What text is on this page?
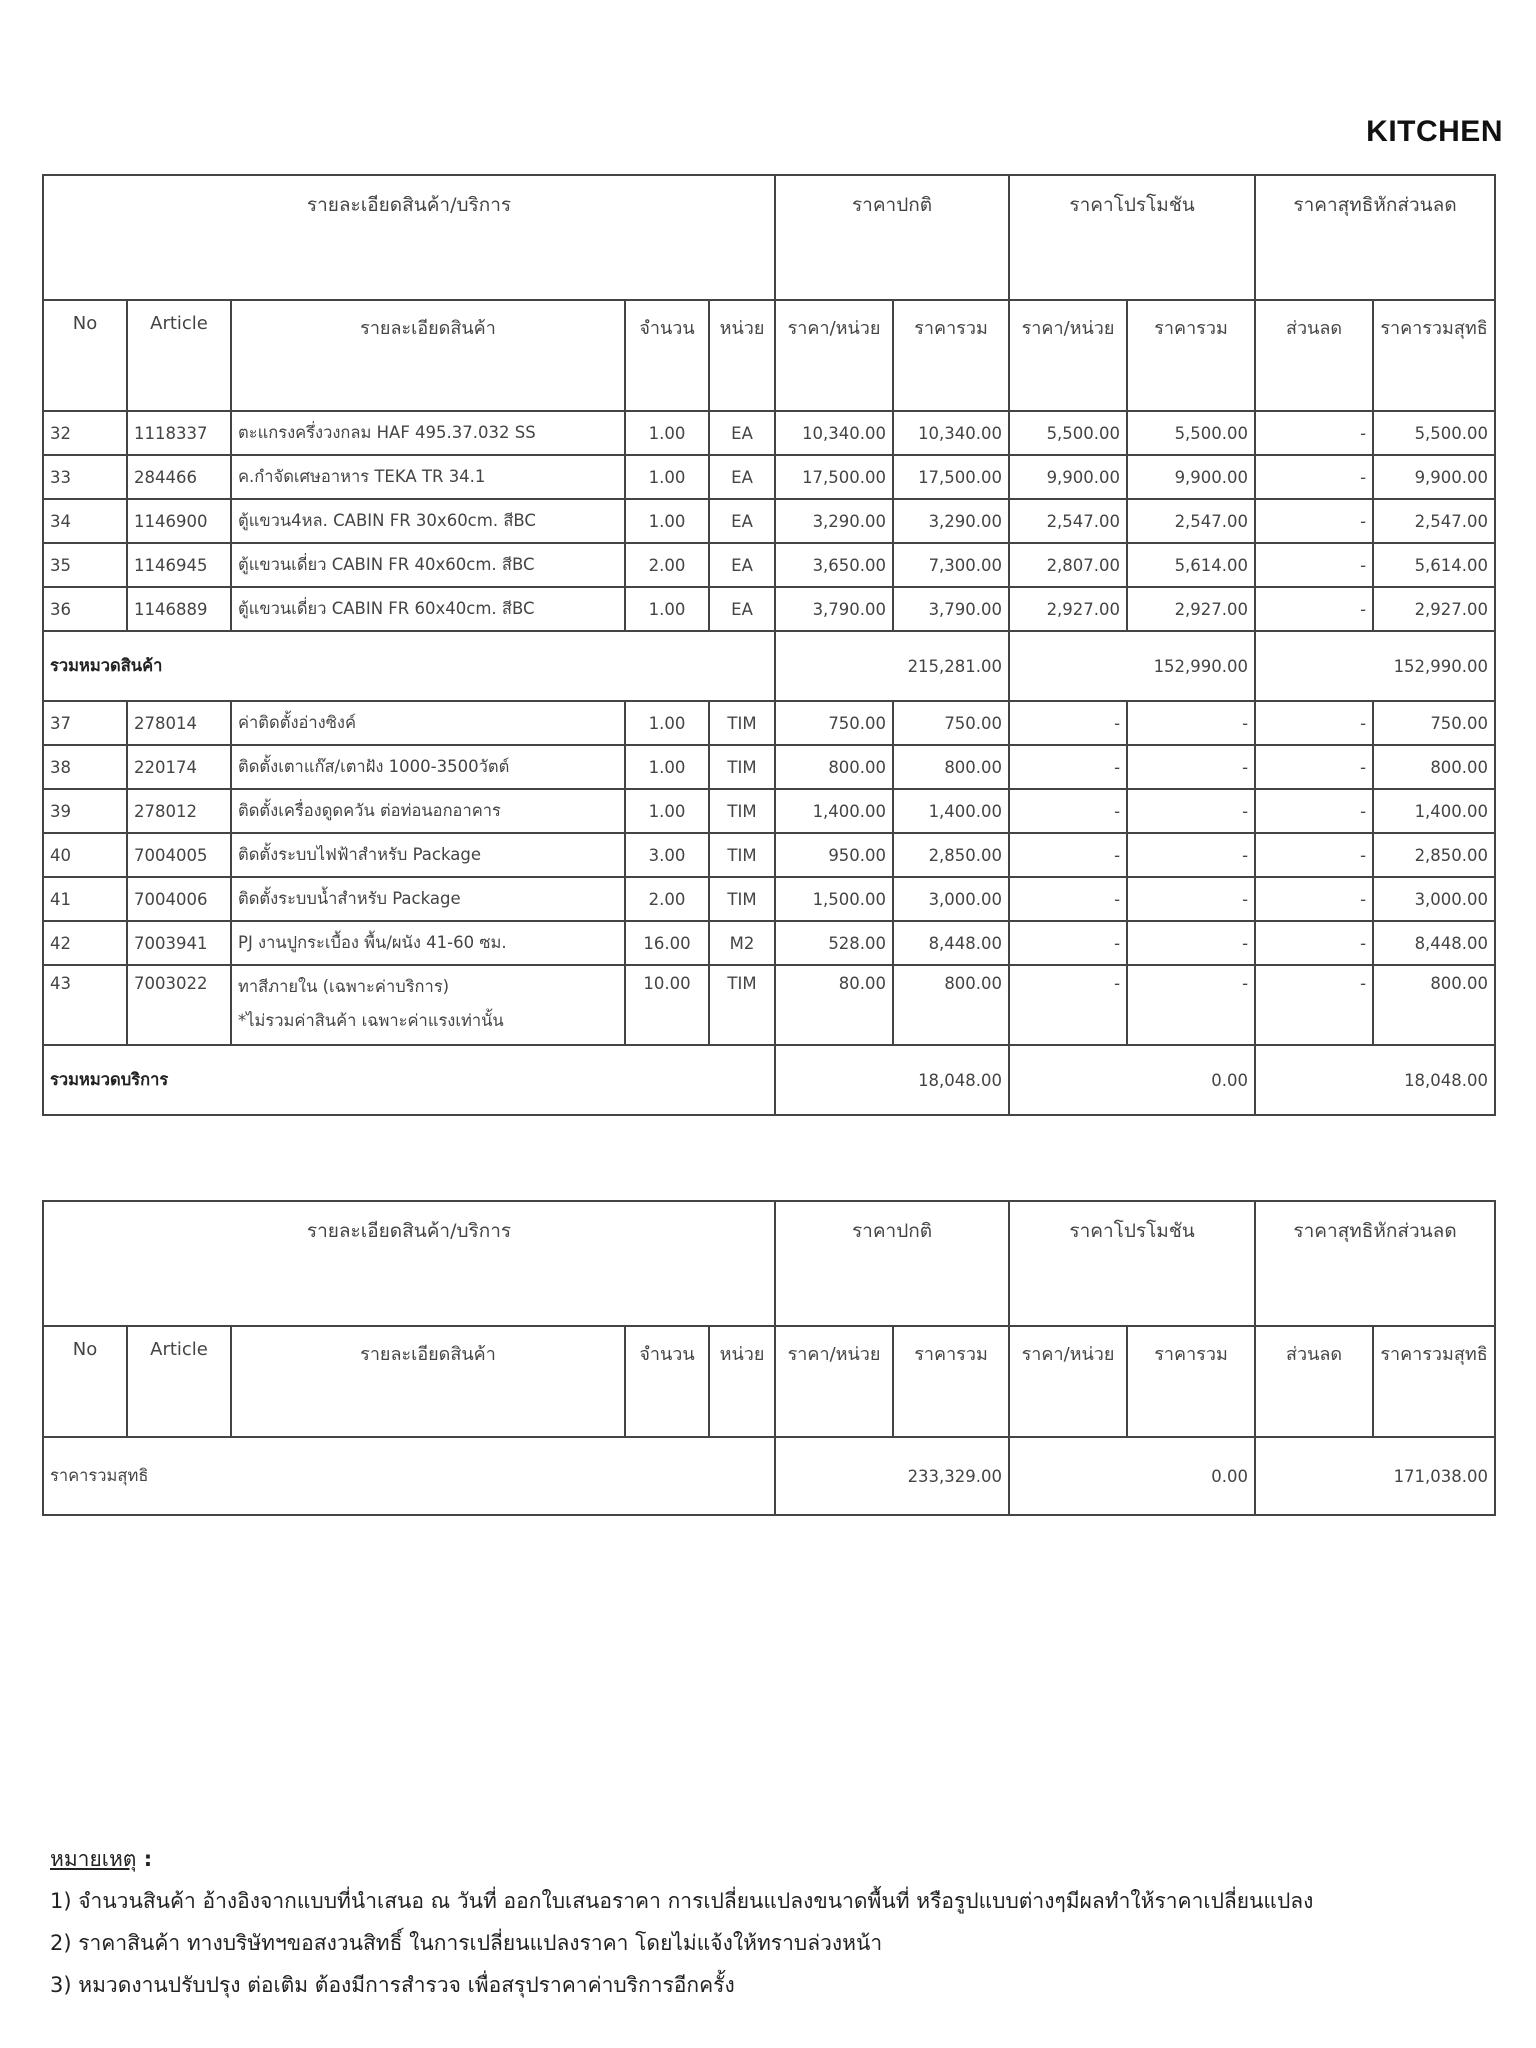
KITCHEN
รายละเอียดสินค้า/บริการ					ราคาปกติ		ราคาโปรโมชัน		ราคาสุทธิหักส่วนลด	
No	Article	รายละเอียดสินค้า	จำนวน	หน่วย	ราคา/หน่วย	ราคารวม	ราคา/หน่วย	ราคารวม	ส่วนลด	ราคารวมสุทธิ
32	1118337	ตะแกรงครึ่งวงกลม HAF 495.37.032 SS	1.00	EA	10,340.00	10,340.00	5,500.00	5,500.00	-	5,500.00
33	284466	ค.กำจัดเศษอาหาร TEKA TR 34.1	1.00	EA	17,500.00	17,500.00	9,900.00	9,900.00	-	9,900.00
34	1146900	ตู้แขวน4หล. CABIN FR 30x60cm. สีBC	1.00	EA	3,290.00	3,290.00	2,547.00	2,547.00	-	2,547.00
35	1146945	ตู้แขวนเดี่ยว CABIN FR 40x60cm. สีBC	2.00	EA	3,650.00	7,300.00	2,807.00	5,614.00	-	5,614.00
36	1146889	ตู้แขวนเดี่ยว CABIN FR 60x40cm. สีBC	1.00	EA	3,790.00	3,790.00	2,927.00	2,927.00	-	2,927.00
รวมหมวดสินค้า					215,281.00		152,990.00		152,990.00	
37	278014	ค่าติดตั้งอ่างซิงค์	1.00	TIM	750.00	750.00	-	-	-	750.00
38	220174	ติดตั้งเตาแก๊ส/เตาฝัง 1000-3500วัตต์	1.00	TIM	800.00	800.00	-	-	-	800.00
39	278012	ติดตั้งเครื่องดูดควัน ต่อท่อนอกอาคาร	1.00	TIM	1,400.00	1,400.00	-	-	-	1,400.00
40	7004005	ติดตั้งระบบไฟฟ้าสำหรับ Package	3.00	TIM	950.00	2,850.00	-	-	-	2,850.00
41	7004006	ติดตั้งระบบน้ำสำหรับ Package	2.00	TIM	1,500.00	3,000.00	-	-	-	3,000.00
42	7003941	PJ งานปูกระเบื้อง พื้น/ผนัง 41-60 ซม.	16.00	M2	528.00	8,448.00	-	-	-	8,448.00
43	7003022	ทาสีภายใน (เฉพาะค่าบริการ)
*ไม่รวมค่าสินค้า เฉพาะค่าแรงเท่านั้น	10.00	TIM	80.00	800.00	-	-	-	800.00
รวมหมวดบริการ					18,048.00		0.00		18,048.00	
รายละเอียดสินค้า/บริการ					ราคาปกติ		ราคาโปรโมชัน		ราคาสุทธิหักส่วนลด	
No	Article	รายละเอียดสินค้า	จำนวน	หน่วย	ราคา/หน่วย	ราคารวม	ราคา/หน่วย	ราคารวม	ส่วนลด	ราคารวมสุทธิ
ราคารวมสุทธิ					233,329.00		0.00		171,038.00	
หมายเหตุ :
1) จำนวนสินค้า อ้างอิงจากแบบที่นำเสนอ ณ วันที่ ออกใบเสนอราคา การเปลี่ยนแปลงขนาดพื้นที่ หรือรูปแบบต่างๆมีผลทำให้ราคาเปลี่ยนแปลง
2) ราคาสินค้า ทางบริษัทฯขอสงวนสิทธิ์ ในการเปลี่ยนแปลงราคา โดยไม่แจ้งให้ทราบล่วงหน้า
3) หมวดงานปรับปรุง ต่อเติม ต้องมีการสำรวจ เพื่อสรุปราคาค่าบริการอีกครั้ง
